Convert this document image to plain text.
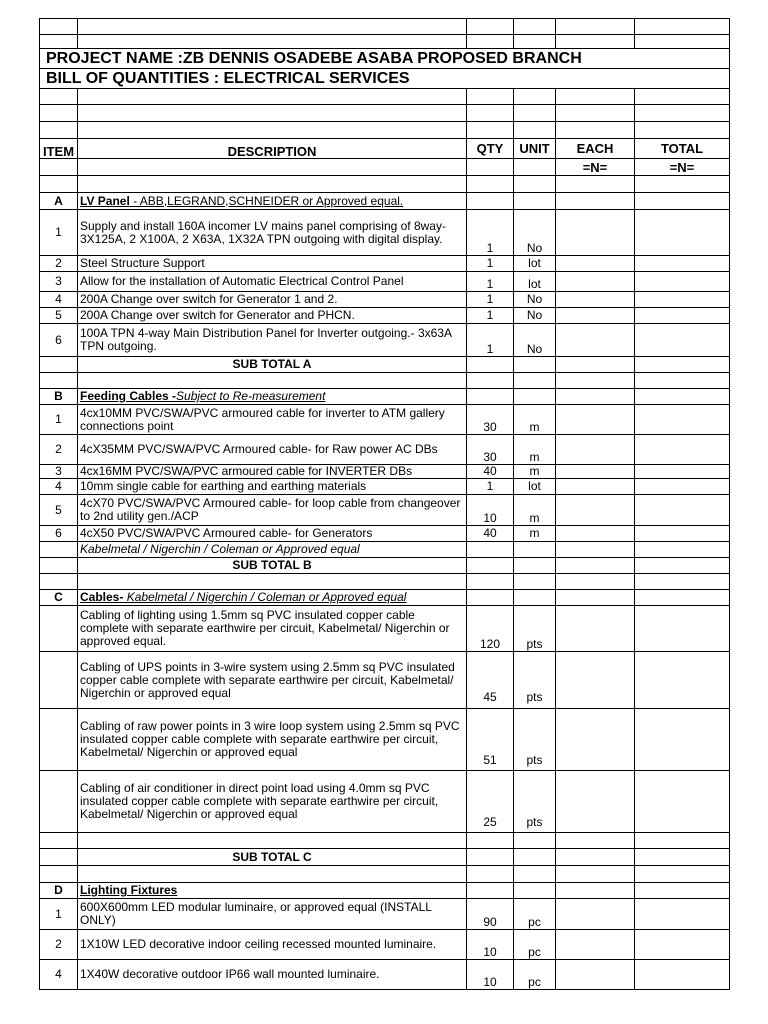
PROJECT NAME :ZB DENNIS OSADEBE ASABA PROPOSED BRANCH					
BILL OF QUANTITIES : ELECTRICAL SERVICES					

ITEM	DESCRIPTION	QTY	UNIT	EACH	TOTAL
				=N=	=N=

A	LV Panel - ABB,LEGRAND,SCHNEIDER or Approved equal.				
1	Supply and install 160A incomer LV mains panel comprising of 8way- 3X125A, 2 X100A, 2 X63A, 1X32A TPN outgoing with digital display.	1	No		
2	Steel Structure Support	1	lot		
3	Allow for the installation of Automatic Electrical Control Panel	1	lot		
4	200A Change over switch for Generator 1 and 2.	1	No		
5	200A Change over switch for Generator and PHCN.	1	No		
6	100A TPN 4-way Main Distribution Panel for Inverter outgoing.- 3x63A TPN outgoing.	1	No		
	SUB TOTAL A				

B	Feeding Cables -Subject to Re-measurement				
1	4cx10MM PVC/SWA/PVC armoured cable for inverter to ATM gallery connections point	30	m		
2	4cX35MM PVC/SWA/PVC Armoured cable- for Raw power AC DBs	30	m		
3	4cx16MM PVC/SWA/PVC armoured cable for INVERTER DBs	40	m		
4	10mm single cable for earthing and earthing materials	1	lot		
5	4cX70 PVC/SWA/PVC Armoured cable- for loop cable from changeover to 2nd utility gen./ACP	10	m		
6	4cX50 PVC/SWA/PVC Armoured cable- for Generators	40	m		
	Kabelmetal / Nigerchin / Coleman or Approved equal				
	SUB TOTAL B				

C	Cables- Kabelmetal / Nigerchin / Coleman or Approved equal				
	Cabling of lighting using 1.5mm sq PVC insulated copper cable complete with separate earthwire per circuit, Kabelmetal/ Nigerchin or approved equal.	120	pts		
	Cabling of UPS points in 3-wire system using 2.5mm sq PVC insulated copper cable complete with separate earthwire per circuit, Kabelmetal/ Nigerchin or approved equal	45	pts		
	Cabling of raw power points in 3 wire loop system using 2.5mm sq PVC insulated copper cable complete with separate earthwire per circuit, Kabelmetal/ Nigerchin or approved equal	51	pts		
	Cabling of air conditioner in direct point load using 4.0mm sq PVC insulated copper cable complete with separate earthwire per circuit, Kabelmetal/ Nigerchin or approved equal	25	pts		

	SUB TOTAL C				

D	Lighting Fixtures				
1	600X600mm LED modular luminaire, or approved equal (INSTALL ONLY)	90	pc		
2	1X10W LED decorative indoor ceiling recessed mounted luminaire.	10	pc		
4	1X40W decorative outdoor IP66 wall mounted luminaire.	10	pc		
